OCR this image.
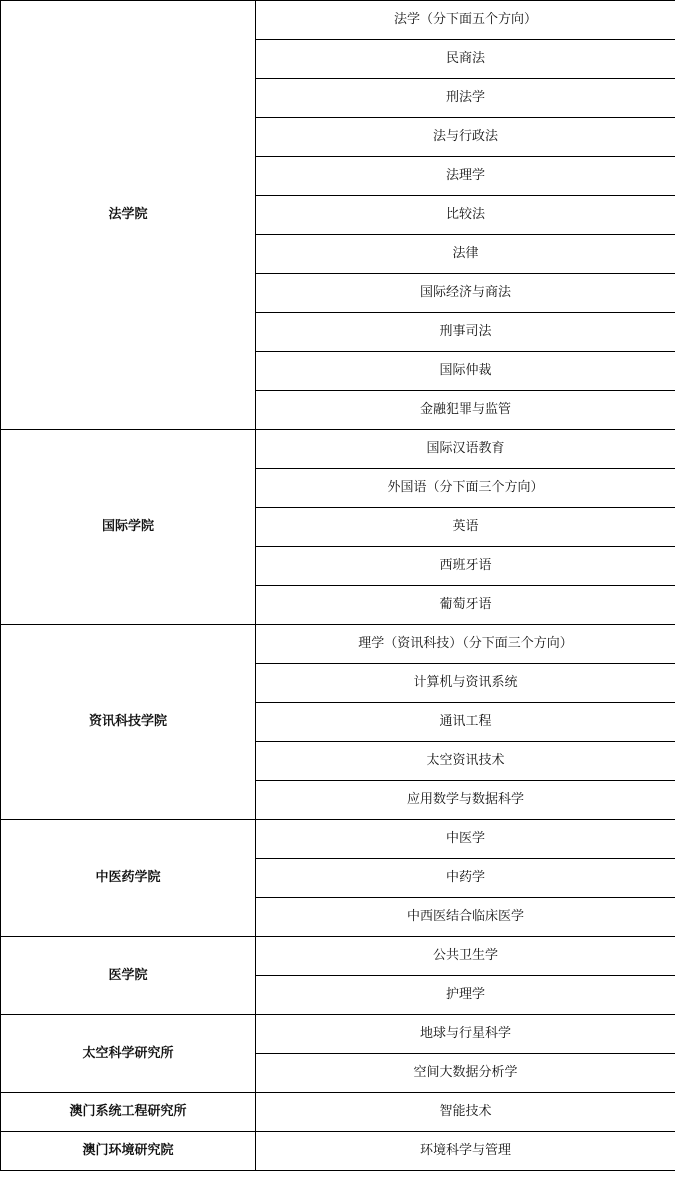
法学院	法学（分下面五个方向）
	民商法
	刑法学
	法与行政法
	法理学
	比较法
	法律
	国际经济与商法
	刑事司法
	国际仲裁
	金融犯罪与监管
国际学院	国际汉语教育
	外国语（分下面三个方向）
	英语
	西班牙语
	葡萄牙语
资讯科技学院	理学（资讯科技）（分下面三个方向）
	计算机与资讯系统
	通讯工程
	太空资讯技术
	应用数学与数据科学
中医药学院	中医学
	中药学
	中西医结合临床医学
医学院	公共卫生学
	护理学
太空科学研究所	地球与行星科学
	空间大数据分析学
澳门系统工程研究所	智能技术
澳门环境研究院	环境科学与管理
